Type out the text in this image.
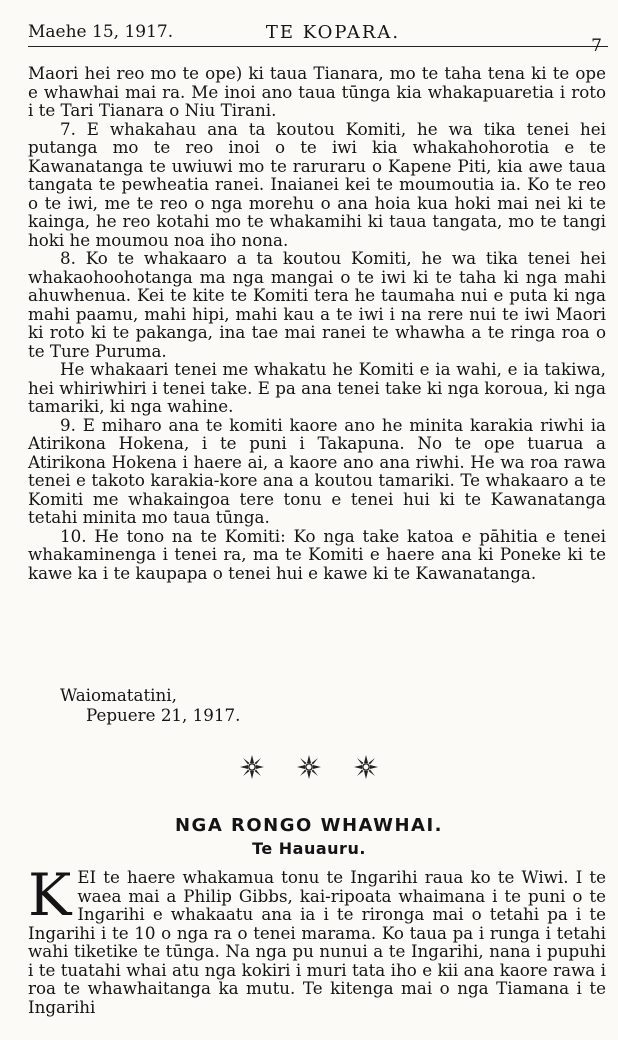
Maehe 15, 1917.	TE KOPARA.
7

Maori hei reo mo te ope) ki taua Tianara, mo te taha tena ki te ope e whawhai mai ra. Me inoi ano taua tūnga kia whakapuaretia i roto i te Tari Tianara o Niu Tirani.

7. E whakahau ana ta koutou Komiti, he wa tika tenei hei putanga mo te reo inoi o te iwi kia whakahohorotia e te Kawanatanga te uwiuwi mo te raruraru o Kapene Piti, kia awe taua tangata te pewheatia ranei. Inaianei kei te moumoutia ia. Ko te reo o te iwi, me te reo o nga morehu o ana hoia kua hoki mai nei ki te kainga, he reo kotahi mo te whakamihi ki taua tangata, mo te tangi hoki he moumou noa iho nona.

8. Ko te whakaaro a ta koutou Komiti, he wa tika tenei hei whakaohoohotanga ma nga mangai o te iwi ki te taha ki nga mahi ahuwhenua. Kei te kite te Komiti tera he taumaha nui e puta ki nga mahi paamu, mahi hipi, mahi kau a te iwi i na rere nui te iwi Maori ki roto ki te pakanga, ina tae mai ranei te whawha a te ringa roa o te Ture Puruma.

He whakaari tenei me whakatu he Komiti e ia wahi, e ia takiwa, hei whiriwhiri i tenei take. E pa ana tenei take ki nga koroua, ki nga tamariki, ki nga wahine.

9. E miharo ana te komiti kaore ano he minita karakia riwhi ia Atirikona Hokena, i te puni i Takapuna. No te ope tuarua a Atirikona Hokena i haere ai, a kaore ano ana riwhi. He wa roa rawa tenei e takoto karakia-kore ana a koutou tamariki. Te whakaaro a te Komiti me whakaingoa tere tonu e tenei hui ki te Kawanatanga tetahi minita mo taua tūnga.

10. He tono na te Komiti: Ko nga take katoa e pāhitia e tenei whakaminenga i tenei ra, ma te Komiti e haere ana ki Poneke ki te kawe ka i te kaupapa o tenei hui e kawe ki te Kawanatanga.

Waiomatatini,
Pepuere 21, 1917.

NGA RONGO WHAWHAI.
Te Hauauru.
K EI te haere whakamua tonu te Ingarihi raua ko te Wiwi. I te waea mai a Philip Gibbs, kai-ripoata whaimana i te puni o te Ingarihi e whakaatu ana ia i te rironga mai o tetahi pa i te Ingarihi i te 10 o nga ra o tenei marama. Ko taua pa i runga i tetahi wahi tiketike te tūnga. Na nga pu nunui a te Ingarihi, nana i pupuhi i te tuatahi whai atu nga kokiri i muri tata iho e kii ana kaore rawa i roa te whawhaitanga ka mutu. Te kitenga mai o nga Tiamana i te Ingarihi
